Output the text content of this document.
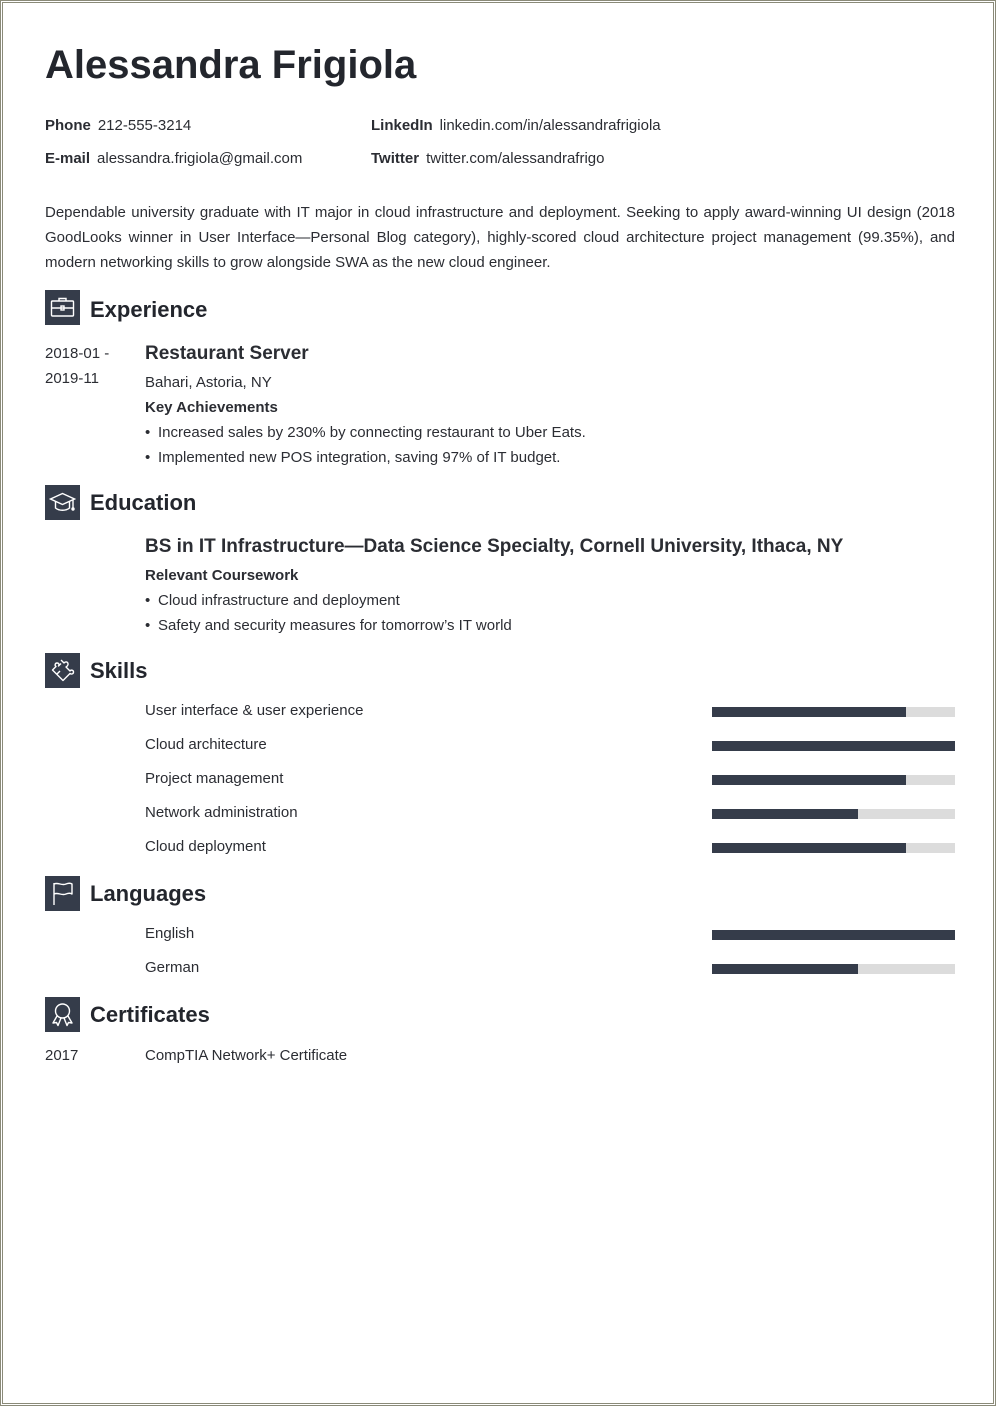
Alessandra Frigiola
Phone 212-555-3214
E-mail alessandra.frigiola@gmail.com
LinkedIn linkedin.com/in/alessandrafrigiola
Twitter twitter.com/alessandrafrigo

Dependable university graduate with IT major in cloud infrastructure and deployment. Seeking to apply award-winning UI design (2018 GoodLooks winner in User Interface—Personal Blog category), highly-scored cloud architecture project management (99.35%), and modern networking skills to grow alongside SWA as the new cloud engineer.

Experience
2018-01 -
2019-11
Restaurant Server
Bahari, Astoria, NY
Key Achievements
• Increased sales by 230% by connecting restaurant to Uber Eats.
• Implemented new POS integration, saving 97% of IT budget.
Education
BS in IT Infrastructure—Data Science Specialty, Cornell University, Ithaca, NY
Relevant Coursework
• Cloud infrastructure and deployment
• Safety and security measures for tomorrow’s IT world
Skills
User interface & user experience
Cloud architecture
Project management
Network administration
Cloud deployment
Languages
English
German
Certificates
2017	CompTIA Network+ Certificate
